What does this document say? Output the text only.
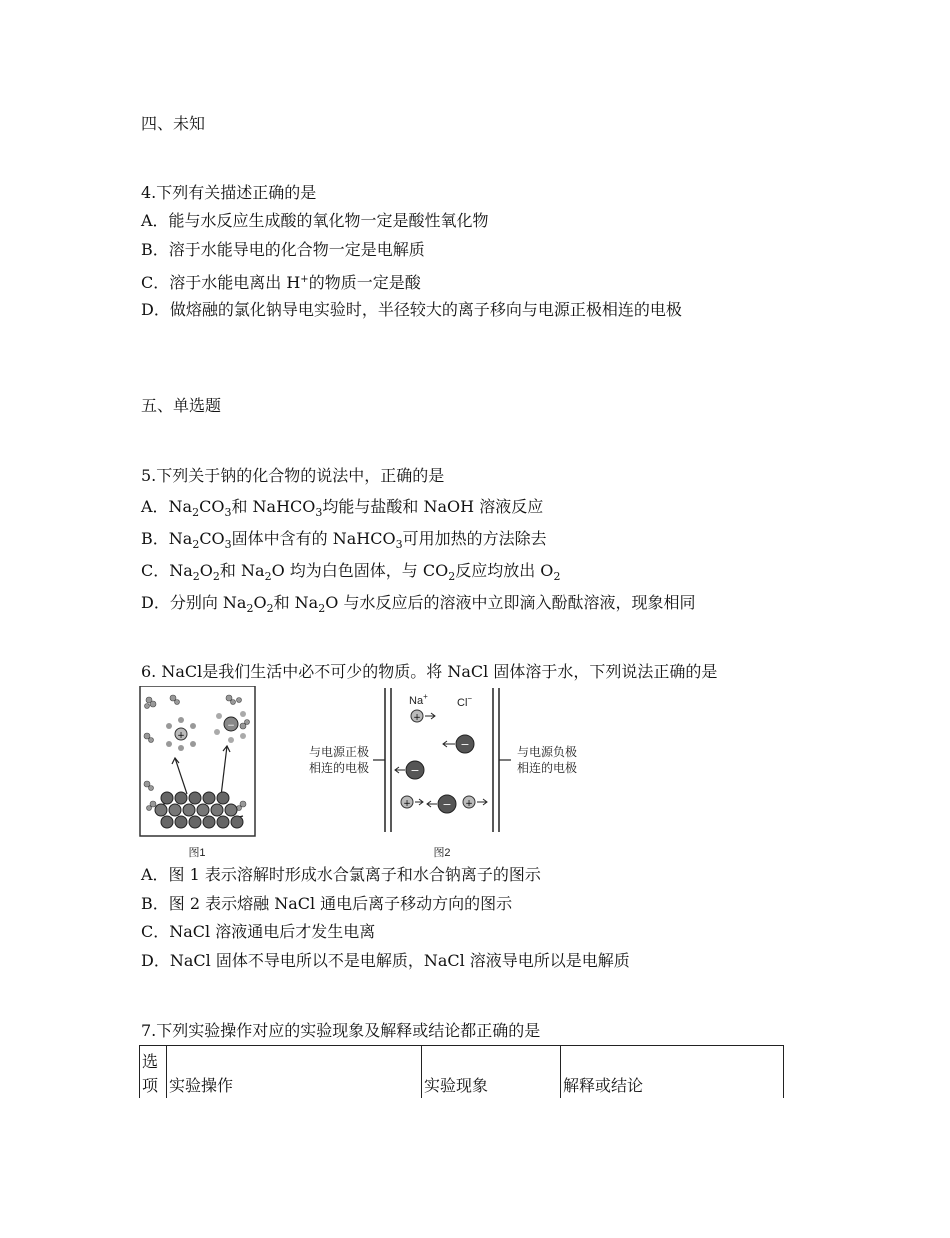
四、未知
4.下列有关描述正确的是
A．能与水反应生成酸的氧化物一定是酸性氧化物
B．溶于水能导电的化合物一定是电解质
C．溶于水能电离出 H+的物质一定是酸
D．做熔融的氯化钠导电实验时，半径较大的离子移向与电源正极相连的电极
五、单选题
5.下列关于钠的化合物的说法中，正确的是
A．$Na_2CO_3$和 NaHCO$_3$均能与盐酸和 NaOH 溶液反应
B．$Na_2CO_3$固体中含有的 NaHCO$_3$可用加热的方法除去
C．$Na_2O_2$和 $Na_2O$ 均为白色固体，与 $CO_2$反应均放出 $O_2$
D．分别向 $Na_2O_2$和 $Na_2O$ 与水反应后的溶液中立即滴入酚酞溶液，现象相同
6. NaCl是我们生活中必不可少的物质。将 NaCl 固体溶于水，下列说法正确的是
+
−
图1
与电源正极
相连的电极
与电源负极
相连的电极
Na+
Cl−
+
−
−
+	− +
图2
A．图 1 表示溶解时形成水合氯离子和水合钠离子的图示
B．图 2 表示熔融 NaCl 通电后离子移动方向的图示
C．NaCl 溶液通电后才发生电离
D．NaCl 固体不导电所以不是电解质，NaCl 溶液导电所以是电解质
7.下列实验操作对应的实验现象及解释或结论都正确的是
选
项	实验操作	实验现象	解释或结论
